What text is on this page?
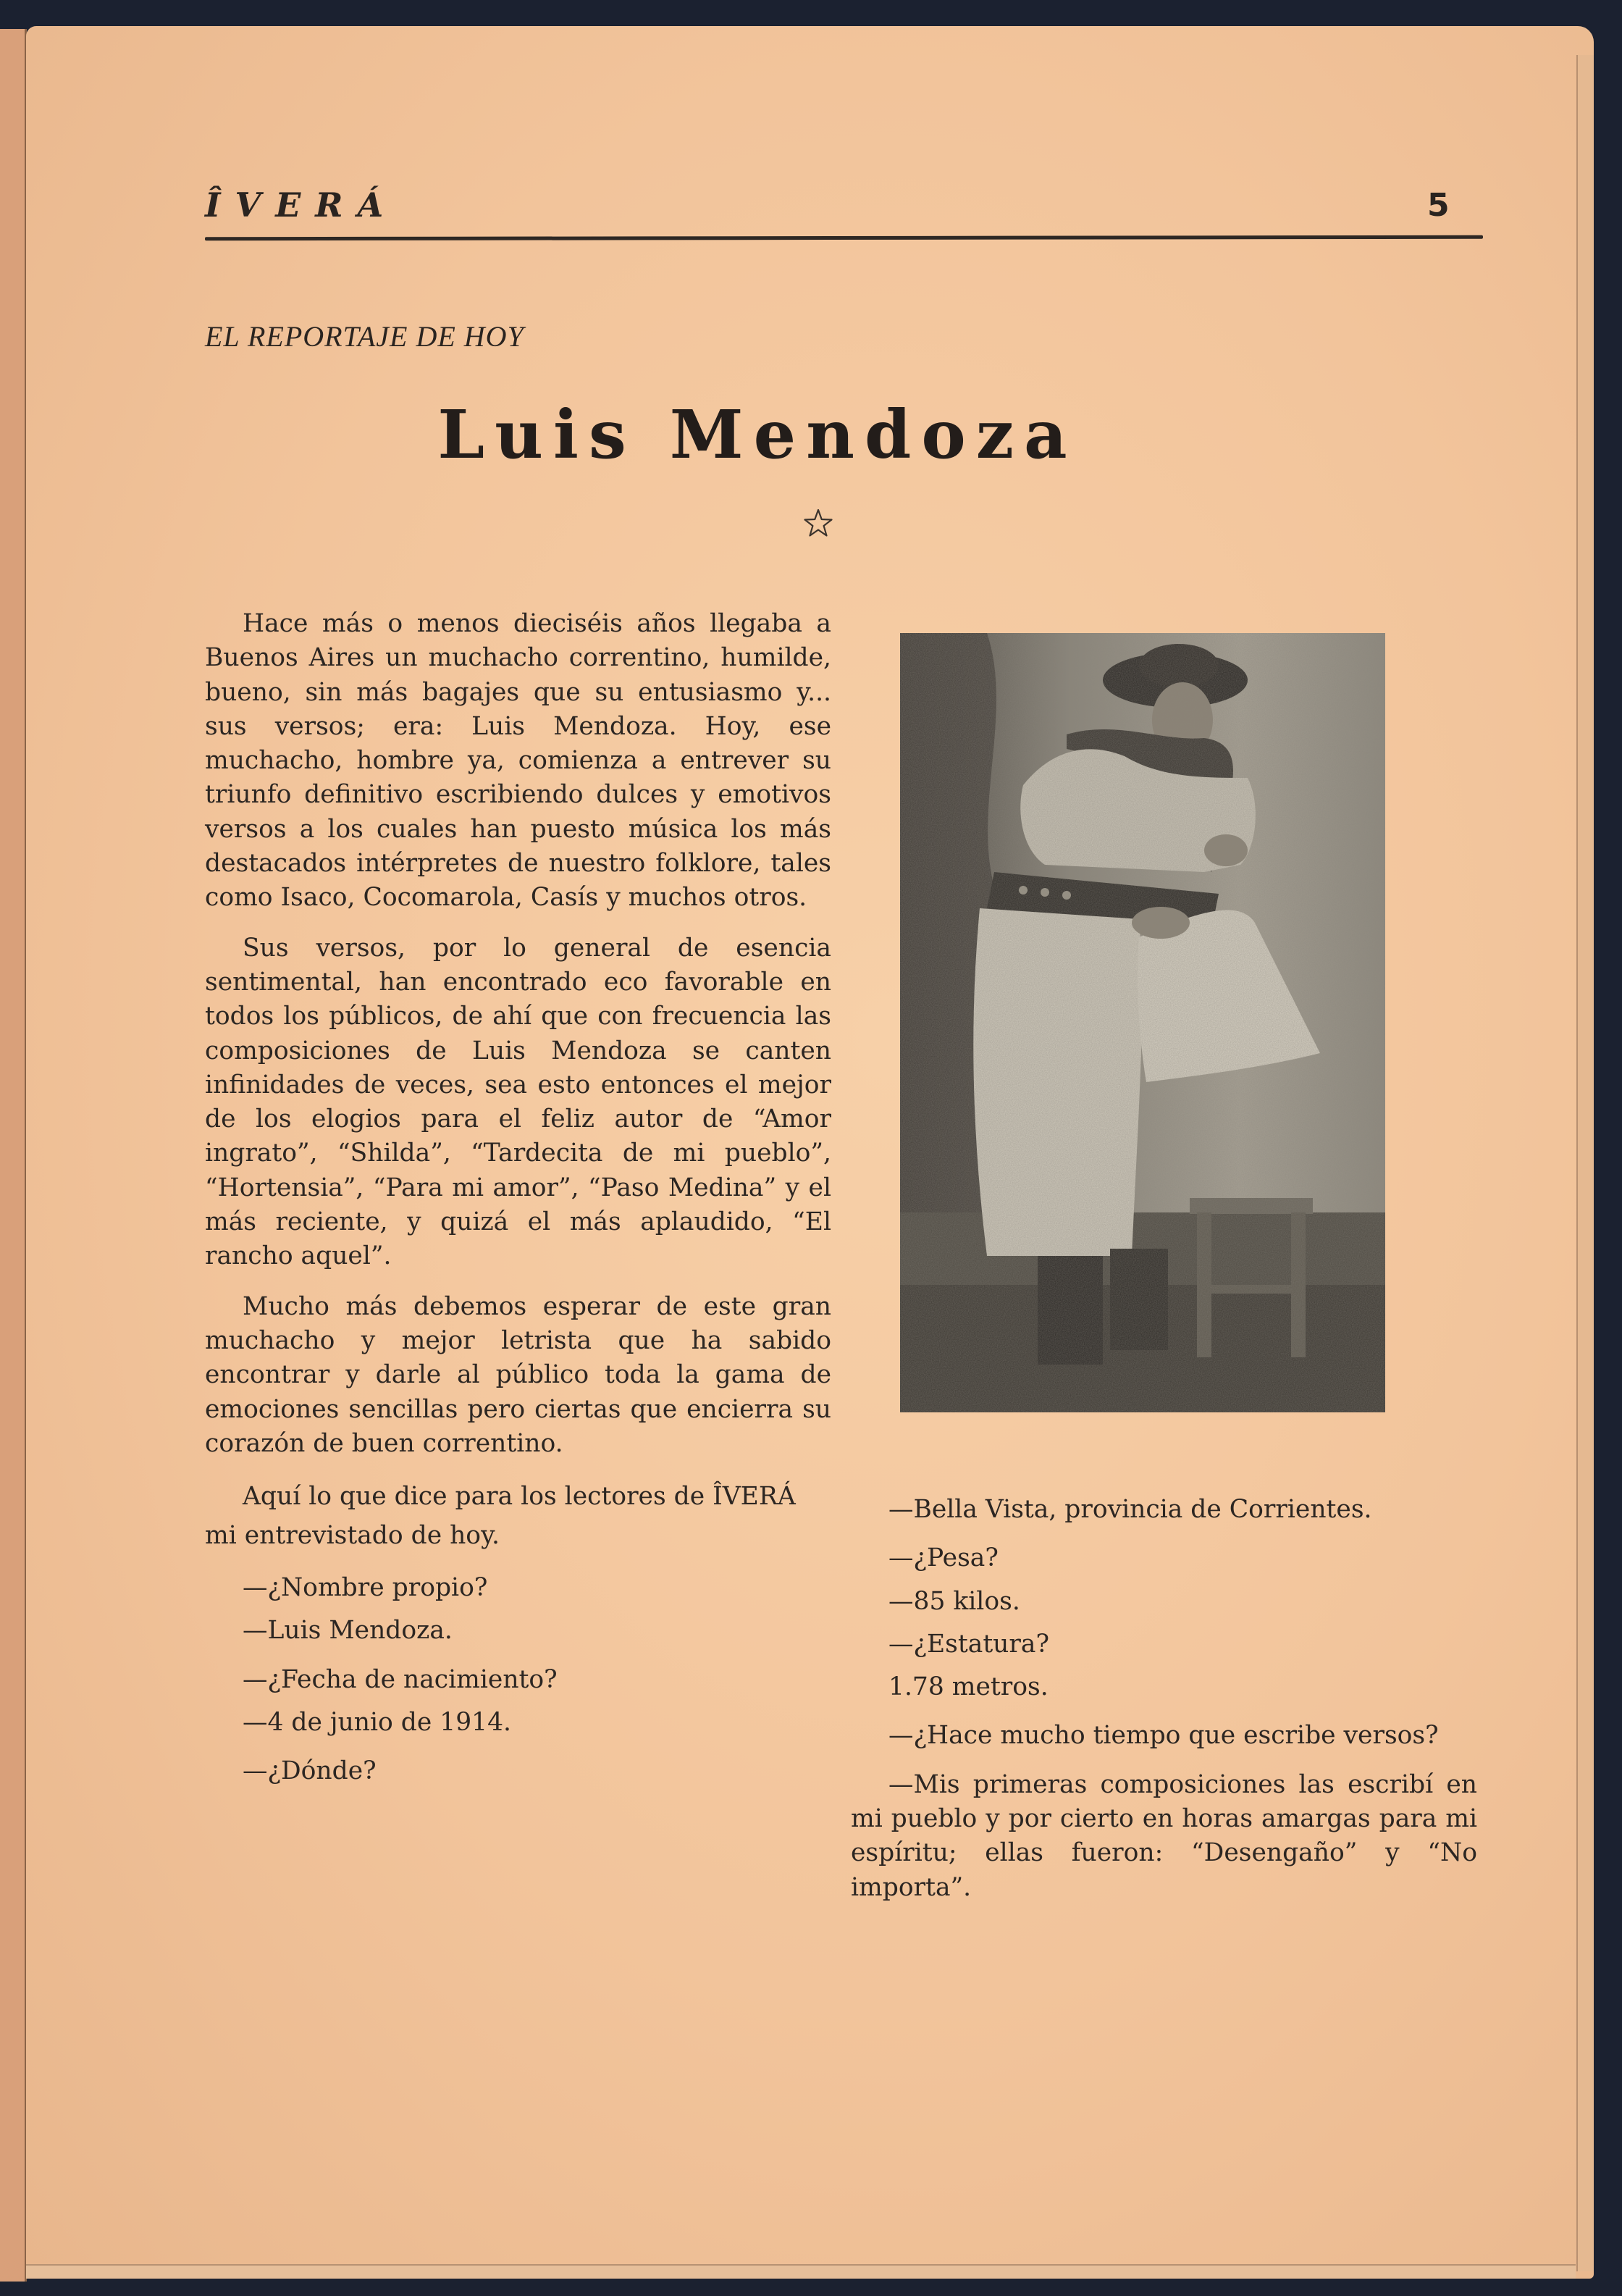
ÎVERÁ	5
EL REPORTAJE DE HOY
Luis Mendoza

Hace más o menos dieciséis años llegaba a Buenos Aires un muchacho correntino, humilde, bueno, sin más bagajes que su entusiasmo y... sus versos; era: Luis Mendoza. Hoy, ese muchacho, hombre ya, comienza a entrever su triunfo definitivo escribiendo dulces y emotivos versos a los cuales han puesto música los más destacados intérpretes de nuestro folklore, tales como Isaco, Cocomarola, Casís y muchos otros.

Sus versos, por lo general de esencia sentimental, han encontrado eco favorable en todos los públicos, de ahí que con frecuencia las composiciones de Luis Mendoza se canten infinidades de veces, sea esto entonces el mejor de los elogios para el feliz autor de “Amor ingrato”, “Shilda”, “Tardecita de mi pueblo”, “Hortensia”, “Para mi amor”, “Paso Medina” y el más reciente, y quizá el más aplaudido, “El rancho aquel”.

Mucho más debemos esperar de este gran muchacho y mejor letrista que ha sabido encontrar y darle al público toda la gama de emociones sencillas pero ciertas que encierra su corazón de buen correntino.

Aquí lo que dice para los lectores de ÎVERÁ mi entrevistado de hoy.

—¿Nombre propio?

—Luis Mendoza.

—¿Fecha de nacimiento?

—4 de junio de 1914.

—¿Dónde?

—Bella Vista, provincia de Corrientes.

—¿Pesa?

—85 kilos.

—¿Estatura?

1.78 metros.

—¿Hace mucho tiempo que escribe versos?

—Mis primeras composiciones las escribí en mi pueblo y por cierto en horas amargas para mi espíritu; ellas fueron: “Desengaño” y “No importa”.
